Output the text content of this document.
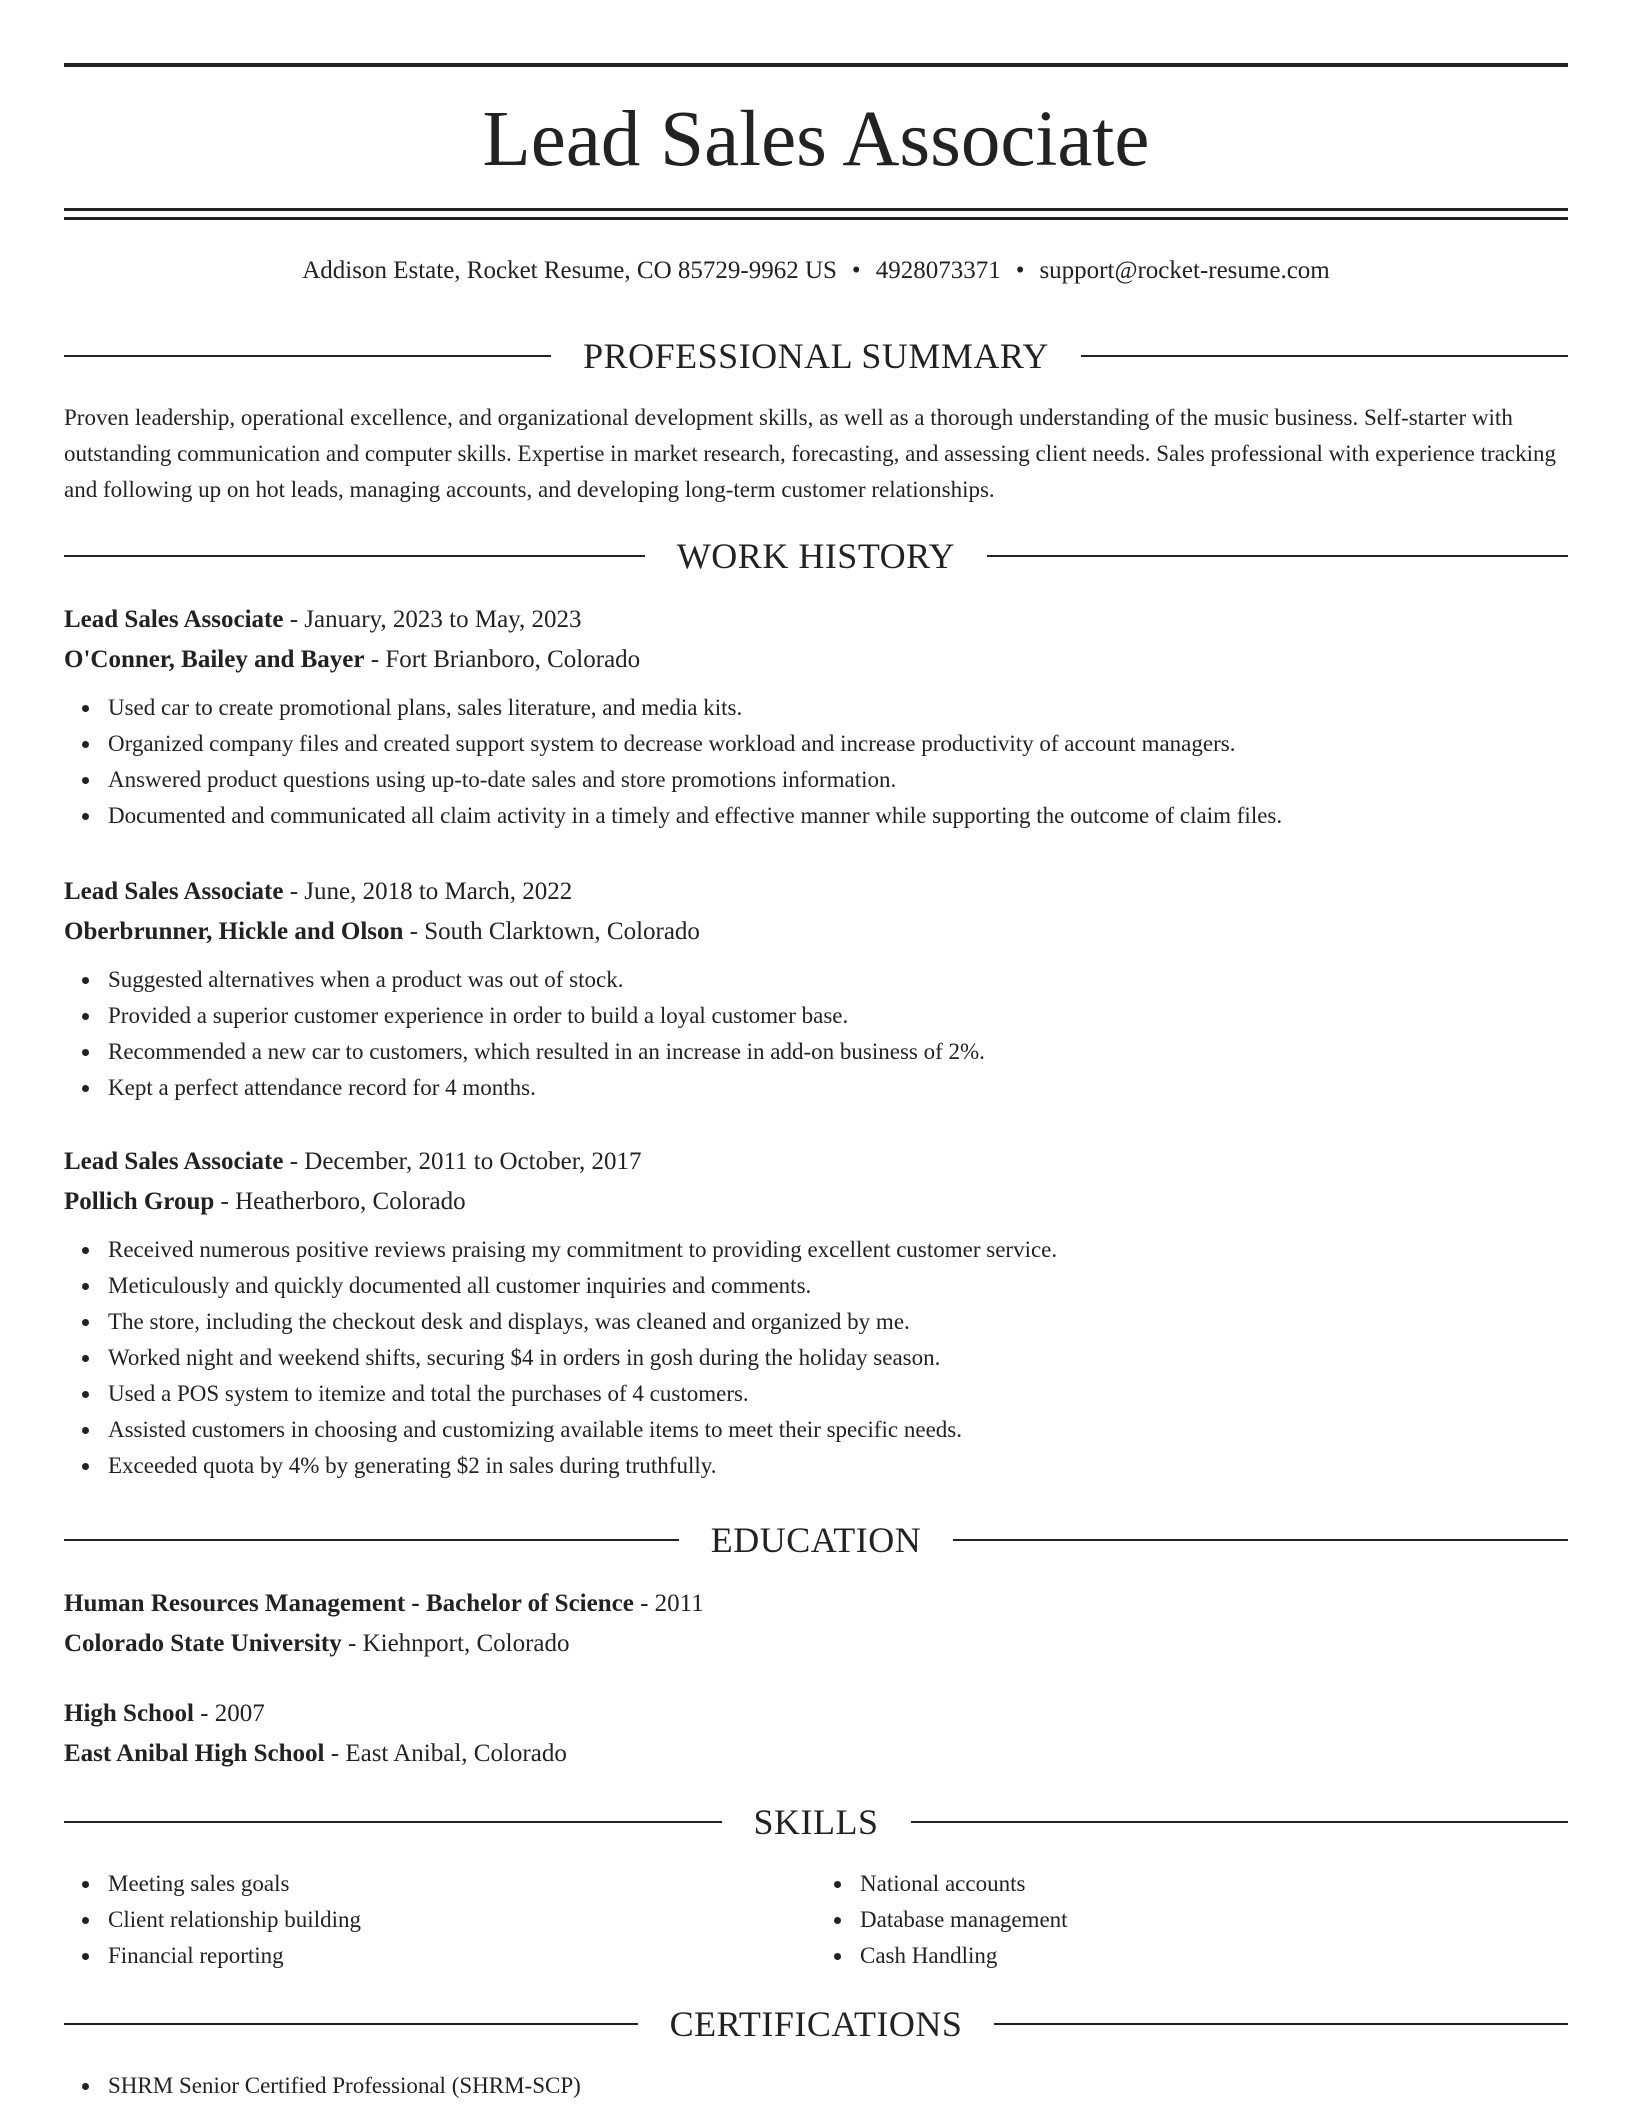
Lead Sales Associate
Addison Estate, Rocket Resume, CO 85729-9962 US • 4928073371 • support@rocket-resume.com
PROFESSIONAL SUMMARY
Proven leadership, operational excellence, and organizational development skills, as well as a thorough understanding of the music business. Self-starter with outstanding communication and computer skills. Expertise in market research, forecasting, and assessing client needs. Sales professional with experience tracking and following up on hot leads, managing accounts, and developing long-term customer relationships.
WORK HISTORY
Lead Sales Associate - January, 2023 to May, 2023
O'Conner, Bailey and Bayer - Fort Brianboro, Colorado
Used car to create promotional plans, sales literature, and media kits.
Organized company files and created support system to decrease workload and increase productivity of account managers.
Answered product questions using up-to-date sales and store promotions information.
Documented and communicated all claim activity in a timely and effective manner while supporting the outcome of claim files.
Lead Sales Associate - June, 2018 to March, 2022
Oberbrunner, Hickle and Olson - South Clarktown, Colorado
Suggested alternatives when a product was out of stock.
Provided a superior customer experience in order to build a loyal customer base.
Recommended a new car to customers, which resulted in an increase in add-on business of 2%.
Kept a perfect attendance record for 4 months.
Lead Sales Associate - December, 2011 to October, 2017
Pollich Group - Heatherboro, Colorado
Received numerous positive reviews praising my commitment to providing excellent customer service.
Meticulously and quickly documented all customer inquiries and comments.
The store, including the checkout desk and displays, was cleaned and organized by me.
Worked night and weekend shifts, securing $4 in orders in gosh during the holiday season.
Used a POS system to itemize and total the purchases of 4 customers.
Assisted customers in choosing and customizing available items to meet their specific needs.
Exceeded quota by 4% by generating $2 in sales during truthfully.
EDUCATION
Human Resources Management - Bachelor of Science - 2011
Colorado State University - Kiehnport, Colorado
High School - 2007
East Anibal High School - East Anibal, Colorado
SKILLS
Meeting sales goals
Client relationship building
Financial reporting
National accounts
Database management
Cash Handling
CERTIFICATIONS
SHRM Senior Certified Professional (SHRM-SCP)
